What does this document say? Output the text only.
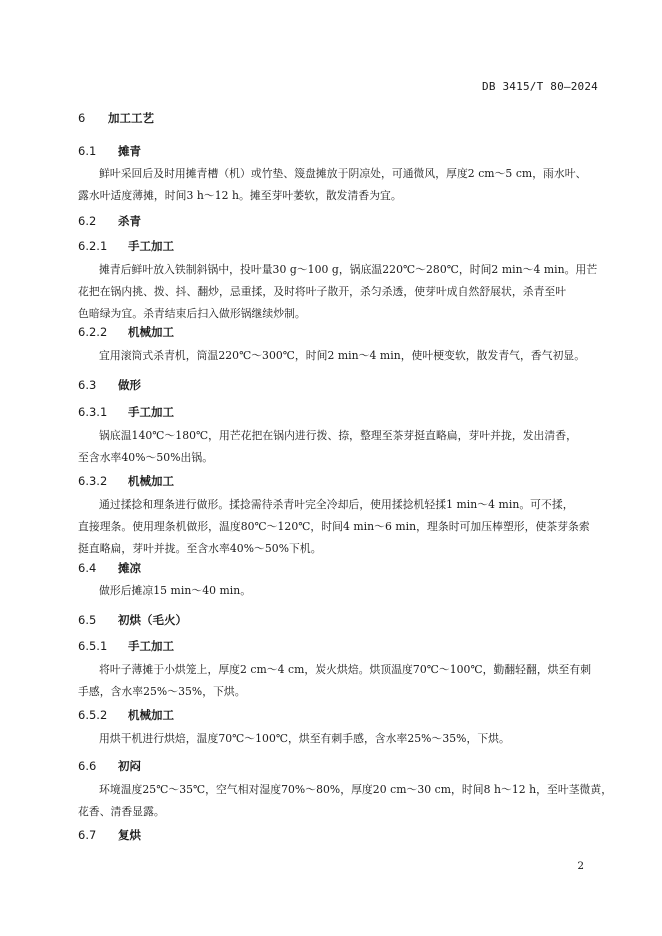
DB 3415/T 80—2024
6 加工工艺
6.1 摊青
鲜叶采回后及时用摊青槽（机）或竹垫、篾盘摊放于阴凉处，可通微风，厚度2 cm～5 cm，雨水叶、
露水叶适度薄摊，时间3 h～12 h。摊至芽叶萎软，散发清香为宜。
6.2 杀青
6.2.1 手工加工
摊青后鲜叶放入铁制斜锅中，投叶量30 g～100 g，锅底温220℃～280℃，时间2 min～4 min。用芒
花把在锅内挑、拨、抖、翻炒，忌重揉，及时将叶子散开，杀匀杀透，使芽叶成自然舒展状，杀青至叶
色暗绿为宜。杀青结束后扫入做形锅继续炒制。
6.2.2 机械加工
宜用滚筒式杀青机，筒温220℃～300℃，时间2 min～4 min，使叶梗变软，散发青气，香气初显。
6.3 做形
6.3.1 手工加工
锅底温140℃～180℃，用芒花把在锅内进行拨、捺，整理至茶芽挺直略扁，芽叶并拢，发出清香，
至含水率40%～50%出锅。
6.3.2 机械加工
通过揉捻和理条进行做形。揉捻需待杀青叶完全冷却后，使用揉捻机轻揉1 min～4 min。可不揉，
直接理条。使用理条机做形，温度80℃～120℃，时间4 min～6 min，理条时可加压棒塑形，使茶芽条索
挺直略扁，芽叶并拢。至含水率40%～50%下机。
6.4 摊凉
做形后摊凉15 min～40 min。
6.5 初烘（毛火）
6.5.1 手工加工
将叶子薄摊于小烘笼上，厚度2 cm～4 cm，炭火烘焙。烘顶温度70℃～100℃，勤翻轻翻，烘至有刺
手感，含水率25%～35%，下烘。
6.5.2 机械加工
用烘干机进行烘焙，温度70℃～100℃，烘至有刺手感，含水率25%～35%，下烘。
6.6 初闷
环境温度25℃～35℃，空气相对湿度70%～80%，厚度20 cm～30 cm，时间8 h～12 h，至叶茎微黄，
花香、清香显露。
6.7 复烘
2
